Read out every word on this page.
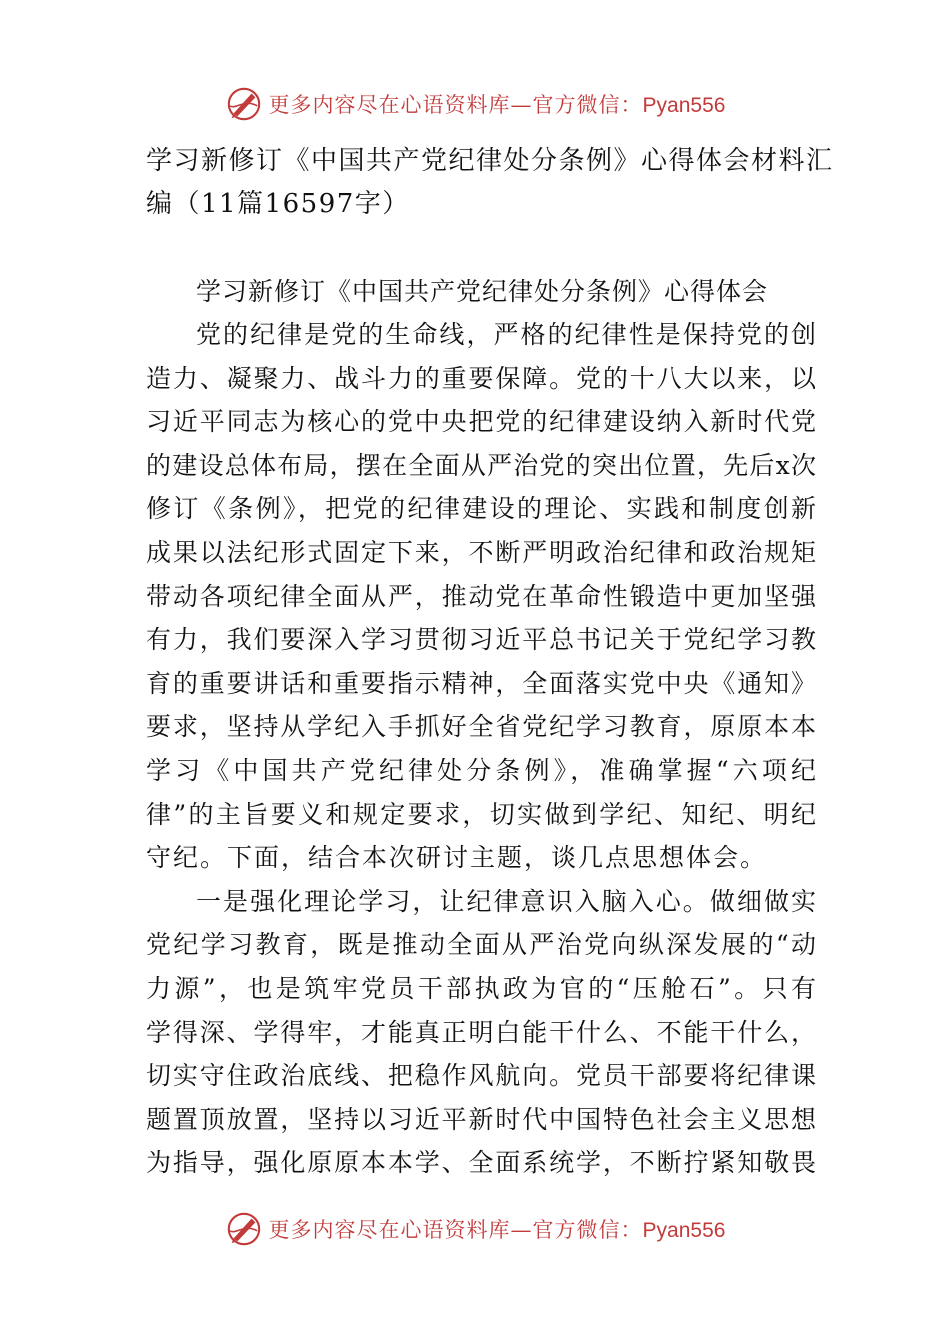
更多内容尽在心语资料库—官方微信：Pyan556
学习新修订《中国共产党纪律处分条例》心得体会材料汇
编（11篇16597字）
学习新修订《中国共产党纪律处分条例》心得体会
党的纪律是党的生命线，严格的纪律性是保持党的创
造力、凝聚力、战斗力的重要保障。党的十八大以来，以
习近平同志为核心的党中央把党的纪律建设纳入新时代党
的建设总体布局，摆在全面从严治党的突出位置，先后x次
修订《条例》，把党的纪律建设的理论、实践和制度创新
成果以法纪形式固定下来，不断严明政治纪律和政治规矩
带动各项纪律全面从严，推动党在革命性锻造中更加坚强
有力，我们要深入学习贯彻习近平总书记关于党纪学习教
育的重要讲话和重要指示精神，全面落实党中央《通知》
要求，坚持从学纪入手抓好全省党纪学习教育，原原本本
学习《中国共产党纪律处分条例》，准确掌握“六项纪
律”的主旨要义和规定要求，切实做到学纪、知纪、明纪
守纪。下面，结合本次研讨主题，谈几点思想体会。
一是强化理论学习，让纪律意识入脑入心。做细做实
党纪学习教育，既是推动全面从严治党向纵深发展的“动
力源”，也是筑牢党员干部执政为官的“压舱石”。只有
学得深、学得牢，才能真正明白能干什么、不能干什么，
切实守住政治底线、把稳作风航向。党员干部要将纪律课
题置顶放置，坚持以习近平新时代中国特色社会主义思想
为指导，强化原原本本学、全面系统学，不断拧紧知敬畏
更多内容尽在心语资料库—官方微信：Pyan556
